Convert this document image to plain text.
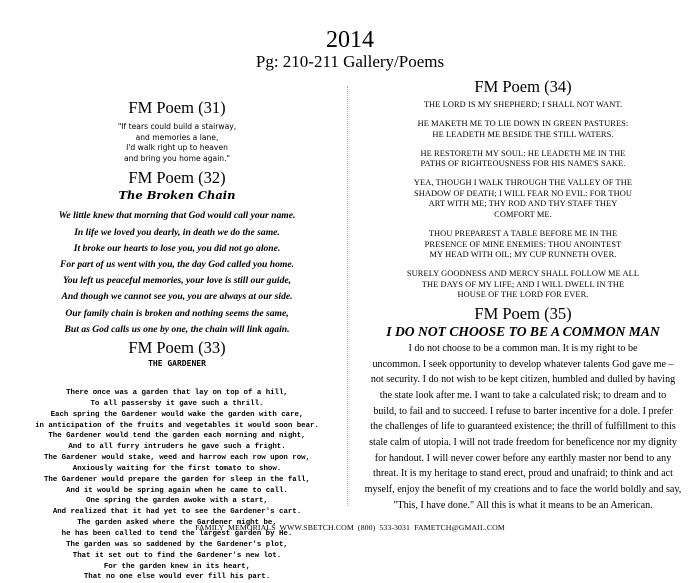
2014
Pg: 210-211 Gallery/Poems
FM Poem (31)
"If tears could build a stairway,
and memories a lane,
I'd walk right up to heaven
and bring you home again."
FM Poem (32)
The Broken Chain
We little knew that morning that God would call your name.
In life we loved you dearly, in death we do the same.
It broke our hearts to lose you, you did not go alone.
For part of us went with you, the day God called you home.
You left us peaceful memories, your love is still our guide,
And though we cannot see you, you are always at our side.
Our family chain is broken and nothing seems the same,
But as God calls us one by one, the chain will link again.
FM Poem (33)
THE GARDENER
There once was a garden that lay on top of a hill,
To all passersby it gave such a thrill.
Each spring the Gardener would wake the garden with care,
in anticipation of the fruits and vegetables it would soon bear.
The Gardener would tend the garden each morning and night,
And to all furry intruders he gave such a fright.
The Gardener would stake, weed and harrow each row upon row,
Anxiously waiting for the first tomato to show.
The Gardener would prepare the garden for sleep in the fall,
And it would be spring again when he came to call.
One spring the garden awoke with a start,
And realized that it had yet to see the Gardener's cart.
The garden asked where the Gardener might be,
he has been called to tend the largest garden by He.
The garden was so saddened by the Gardener's plot,
That it set out to find the Gardener's new lot.
For the garden knew in its heart,
That no one else would ever fill his part.
FM Poem (34)
THE LORD IS MY SHEPHERD; I SHALL NOT WANT.
HE MAKETH ME TO LIE DOWN IN GREEN PASTURES:
HE LEADETH ME BESIDE THE STILL WATERS.
HE RESTORETH MY SOUL: HE LEADETH ME IN THE
PATHS OF RIGHTEOUSNESS FOR HIS NAME'S SAKE.
YEA, THOUGH I WALK THROUGH THE VALLEY OF THE
SHADOW OF DEATH; I WILL FEAR NO EVIL: FOR THOU
ART WITH ME; THY ROD AND THY STAFF THEY
COMFORT ME.
THOU PREPAREST A TABLE BEFORE ME IN THE
PRESENCE OF MINE ENEMIES: THOU ANOINTEST
MY HEAD WITH OIL; MY CUP RUNNETH OVER.
SURELY GOODNESS AND MERCY SHALL FOLLOW ME ALL
THE DAYS OF MY LIFE; AND I WILL DWELL IN THE
HOUSE OF THE LORD FOR EVER.
FM Poem (35)
I DO NOT CHOOSE TO BE A COMMON MAN
I do not choose to be a common man. It is my right to be
uncommon. I seek opportunity to develop whatever talents God gave me –
not security. I do not wish to be kept citizen, humbled and dulled by having
the state look after me. I want to take a calculated risk; to dream and to
build, to fail and to succeed. I refuse to barter incentive for a dole. I prefer
the challenges of life to guaranteed existence; the thrill of fulfillment to this
stale calm of utopia. I will not trade freedom for beneficence nor my dignity
for handout. I will never cower before any earthly master nor bend to any
threat. It is my heritage to stand erect, proud and unafraid; to think and act
myself, enjoy the benefit of my creations and to face the world boldly and say,
"This, I have done." All this is what it means to be an American.
FAMILY MEMORIALS WWW.SBETCH.COM (800) 533-3031 FAMETCH@GMAIL.COM
